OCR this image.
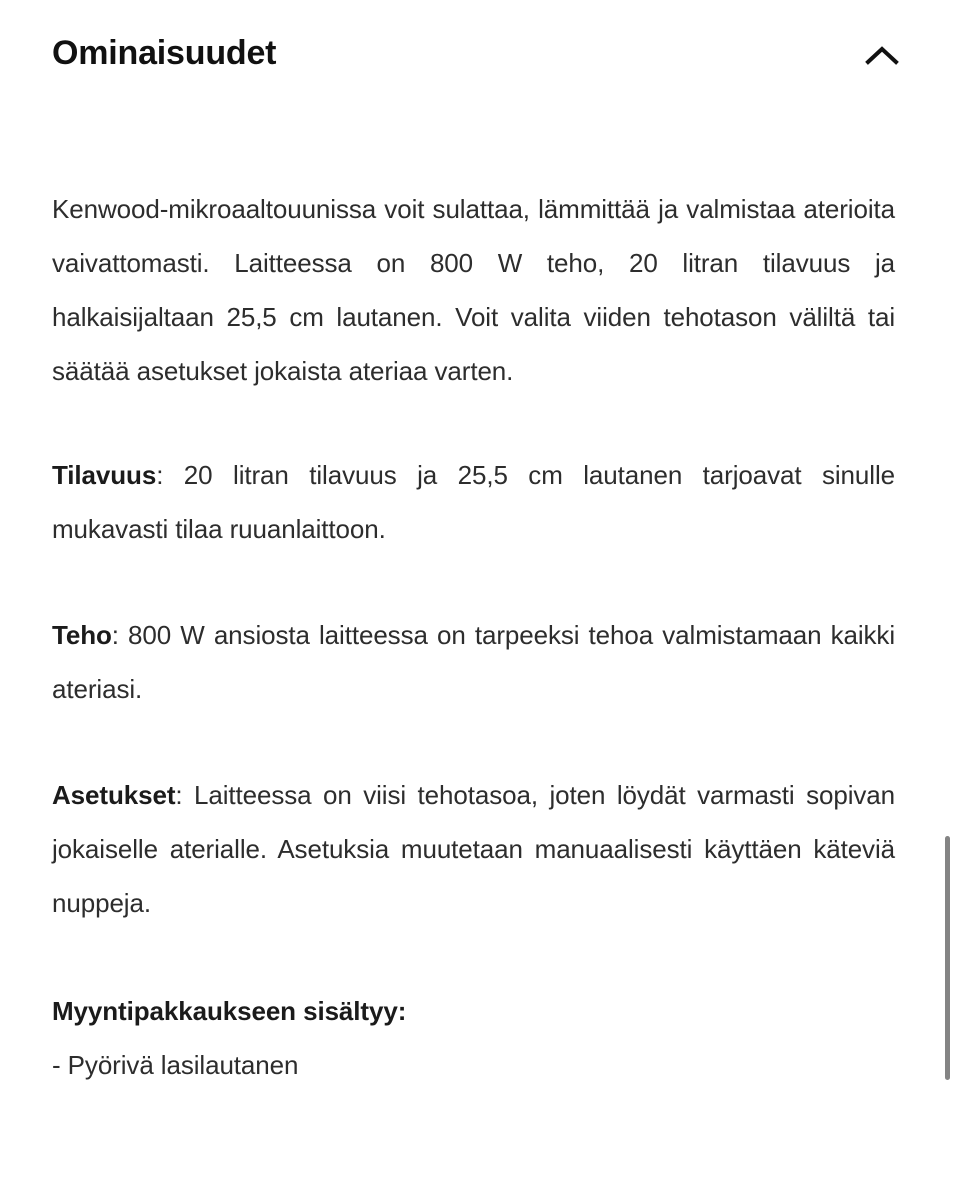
Ominaisuudet

Kenwood-mikroaaltouunissa voit sulattaa, lämmittää ja valmistaa aterioita vaivattomasti. Laitteessa on 800 W teho, 20 litran tilavuus ja halkaisijaltaan 25,5 cm lautanen. Voit valita viiden tehotason väliltä tai säätää asetukset jokaista ateriaa varten.

Tilavuus: 20 litran tilavuus ja 25,5 cm lautanen tarjoavat sinulle mukavasti tilaa ruuanlaittoon.

Teho: 800 W ansiosta laitteessa on tarpeeksi tehoa valmistamaan kaikki ateriasi.

Asetukset: Laitteessa on viisi tehotasoa, joten löydät varmasti sopivan jokaiselle aterialle. Asetuksia muutetaan manuaalisesti käyttäen käteviä nuppeja.

Myyntipakkaukseen sisältyy:
- Pyörivä lasilautanen
